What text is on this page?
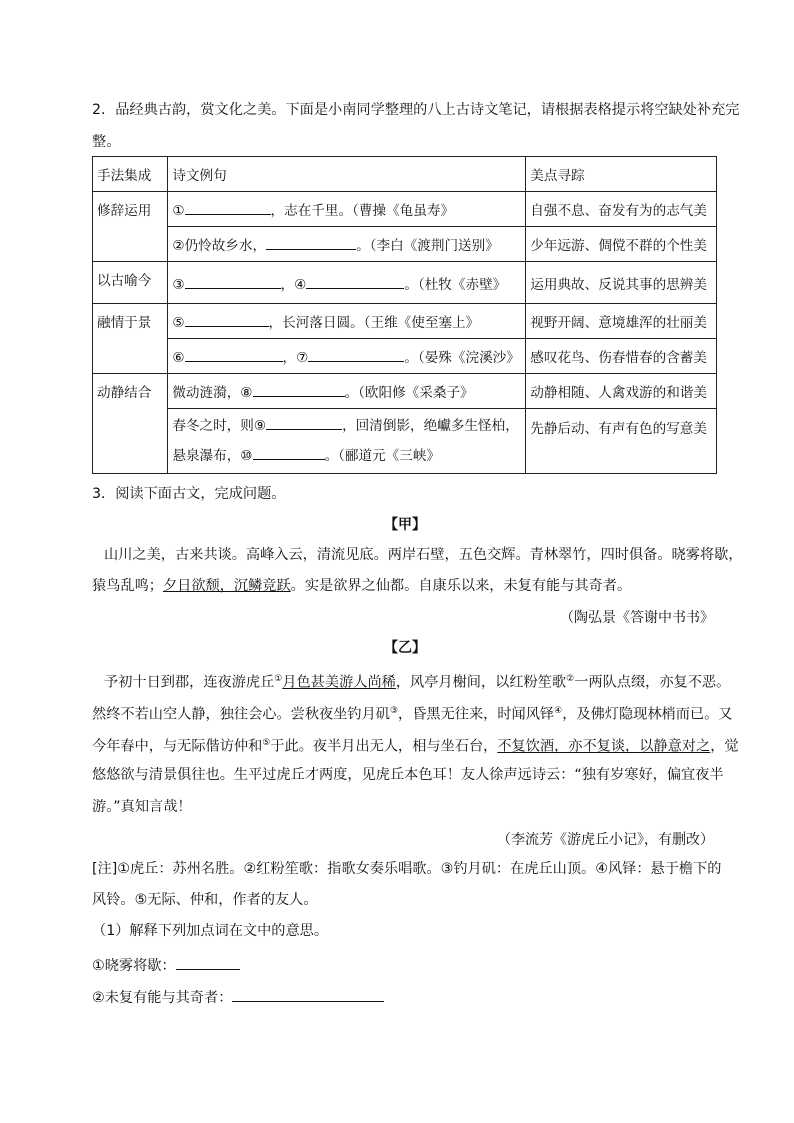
2．品经典古韵，赏文化之美。下面是小南同学整理的八上古诗文笔记，请根据表格提示将空缺处补充完
整。
手法集成	诗文例句	美点寻踪
修辞运用	① ，志在千里。（曹操《龟虽寿》	自强不息、奋发有为的志气美
	②仍怜故乡水， 。（李白《渡荆门送别》	少年远游、倜傥不群的个性美
以古喻今	③ ，④ 。（杜牧《赤壁》	运用典故、反说其事的思辨美
融情于景	⑤ ，长河落日圆。（王维《使至塞上》	视野开阔、意境雄浑的壮丽美
	⑥ ，⑦ 。（晏殊《浣溪沙》	感叹花鸟、伤春惜春的含蓄美
动静结合	微动涟漪，⑧ 。（欧阳修《采桑子》	动静相随、人禽戏游的和谐美
	春冬之时，则⑨ ，回清倒影，绝巘多生怪柏，
悬泉瀑布，⑩ 。（郦道元《三峡》	先静后动、有声有色的写意美
3．阅读下面古文，完成问题。
【甲】
山川之美，古来共谈。高峰入云，清流见底。两岸石壁，五色交辉。青林翠竹，四时俱备。晓雾将歇，
猿鸟乱鸣；夕日欲颓，沉鳞竞跃。实是欲界之仙都。自康乐以来，未复有能与其奇者。
（陶弘景《答谢中书书》
【乙】
予初十日到郡，连夜游虎丘①月色甚美游人尚稀，风亭月榭间，以红粉笙歌②一两队点缀，亦复不恶。
然终不若山空人静，独往会心。尝秋夜坐钓月矶③，昏黑无往来，时闻风铎④，及佛灯隐现林梢而已。又
今年春中，与无际偕访仲和⑤于此。夜半月出无人，相与坐石台，不复饮酒，亦不复谈，以静意对之，觉
悠悠欲与清景俱往也。生平过虎丘才两度，见虎丘本色耳！友人徐声远诗云：“独有岁寒好，偏宜夜半
游。”真知言哉！
（李流芳《游虎丘小记》，有删改）
[注]①虎丘：苏州名胜。②红粉笙歌：指歌女奏乐唱歌。③钓月矶：在虎丘山顶。④风铎：悬于檐下的
风铃。⑤无际、仲和，作者的友人。
（1）解释下列加点词在文中的意思。
①晓雾将歇：
②未复有能与其奇者：
